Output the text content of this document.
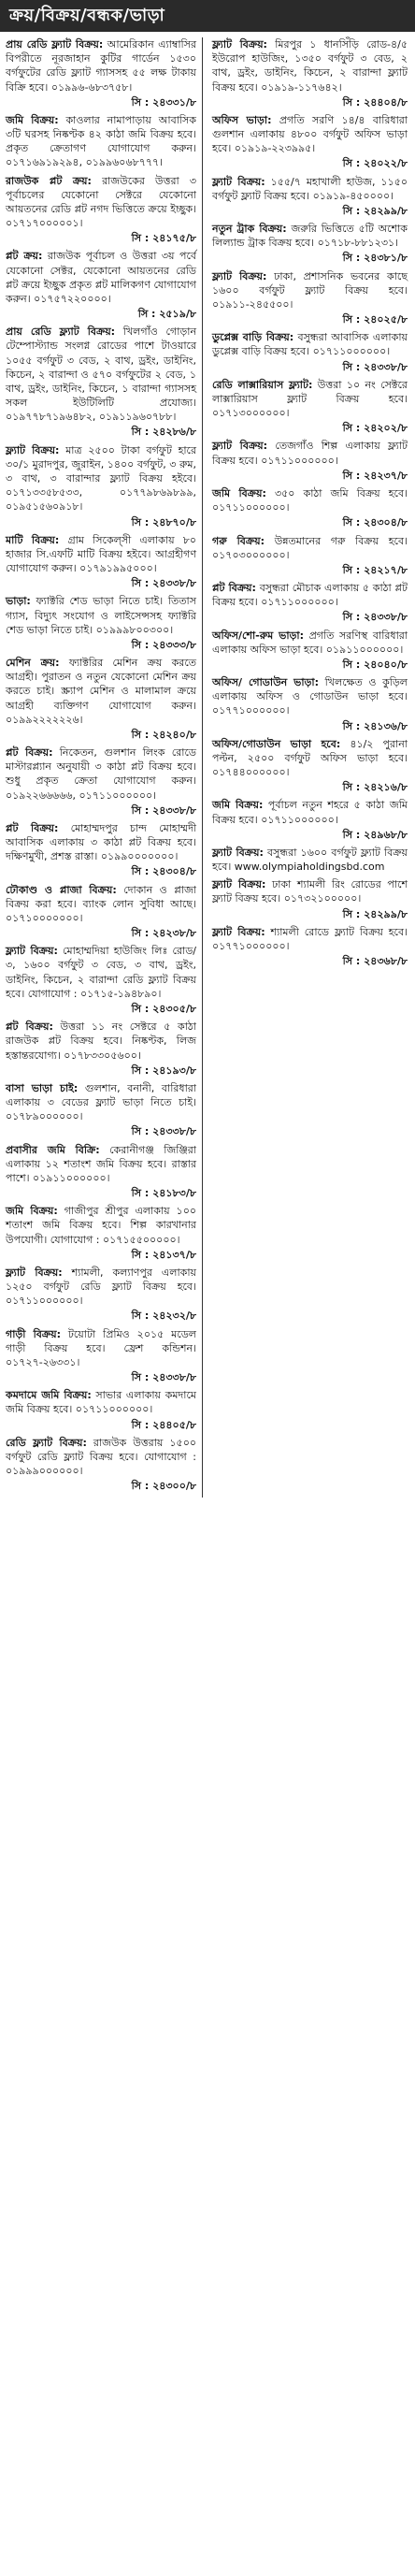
ক্রয়/বিক্রয়/বন্ধক/ভাড়া

প্রায় রেডি ফ্ল্যাট বিক্রয়: আমেরিকান এ্যাম্বাসির বিপরীতে নূরজাহান কুটির গার্ডেন ১৫৩০ বর্গফুটের রেডি ফ্ল্যাট গ্যাসসহ ৫৫ লক্ষ টাকায় বিক্রি হবে। ০১৯৯৬-৬৮৩৭৫৮।
সি : ২৪৩৩১/৮

জমি বিক্রয়: কাওলার নামাপাড়ায় আবাসিক ৩টি ঘরসহ নিষ্কণ্টক ৪২ কাঠা জমি বিক্রয় হবে। প্রকৃত ক্রেতাগণ যোগাযোগ করুন। ০১৭১৬৯১৯২৯৪, ০১৯৯৬০৬৮৭৭৭।

রাজউক প্লট ক্রয়: রাজউকের উত্তরা ৩ পূর্বাচলের যেকোনো সেক্টরে যেকোনো আয়তনের রেডি প্লট নগদ ভিত্তিতে ক্রয়ে ইচ্ছুক। ০১৭১৭০০০০০১।
সি : ২৪১৭৫/৮

প্লট ক্রয়: রাজউক পূর্বাচল ও উত্তরা ৩য় পর্বে যেকোনো সেক্টর, যেকোনো আয়তনের রেডি প্লট ক্রয়ে ইচ্ছুক প্রকৃত প্লট মালিকগণ যোগাযোগ করুন। ০১৭৫৭২২০০০০।
সি : ২৫১৯/৮

প্রায় রেডি ফ্ল্যাট বিক্রয়: খিলগাঁও গোড়ান টেম্পোস্ট্যান্ড সংলগ্ন রোডের পাশে টাওয়ারে ১০৫৫ বর্গফুট ৩ বেড, ২ বাথ, ড্রইং, ডাইনিং, কিচেন, ২ বারান্দা ও ৫৭০ বর্গফুটের ২ বেড, ১ বাথ, ড্রইং, ডাইনিং, কিচেন, ১ বারান্দা গ্যাসসহ সকল ইউটিলিটি প্রযোজ্য। ০১৯৭৭৮৭১৯৬৪৮২, ০১৯১১৯৬০৭৮৮।
সি : ২৪২৮৬/৮

ফ্ল্যাট বিক্রয়: মাত্র ২৫০০ টাকা বর্গফুট হারে ৩০/১ মুরাদপুর, জুরাইন, ১৪০০ বর্গফুট, ৩ রুম, ৩ বাথ, ৩ বারান্দার ফ্ল্যাট বিক্রয় হইবে। ০১৭১৩৩৫৮৫৩৩, ০১৭৭৯৮৬৯৮৯৯, ০১৯৫১৫৬০৯১৮।
সি : ২৪৮৭০/৮

মাটি বিক্রয়: গ্রাম সিকেল্সী এলাকায় ৮০ হাজার সি.এফটি মাটি বিক্রয় হইবে। আগ্রহীগণ যোগাযোগ করুন। ০১৭৯১৯৯৫০০০।
সি : ২৪৩৩৮/৮

ভাড়া: ফ্যাক্টরি শেড ভাড়া নিতে চাই। তিতাস গ্যাস, বিদ্যুৎ সংযোগ ও লাইসেন্সসহ ফ্যাক্টরি শেড ভাড়া নিতে চাই। ০১৯৯৯৮০০৩০০।
সি : ২৪৩৩৩/৮

মেশিন ক্রয়: ফ্যাক্টরির মেশিন ক্রয় করতে আগ্রহী। পুরাতন ও নতুন যেকোনো মেশিন ক্রয় করতে চাই। স্ক্র্যাপ মেশিন ও মালামাল ক্রয়ে আগ্রহী ব্যক্তিগণ যোগাযোগ করুন। ০১৯৯২২২২২২৬।
সি : ২৪২৪০/৮

প্লট বিক্রয়: নিকেতন, গুলশান লিংক রোডে মাস্টারপ্ল্যান অনুযায়ী ৩ কাঠা প্লট বিক্রয় হবে। শুধু প্রকৃত ক্রেতা যোগাযোগ করুন। ০১৯২২৬৬৬৬৬, ০১৭১১০০০০০০।
সি : ২৪৩৩৮/৮

প্লট বিক্রয়: মোহাম্মদপুর চান্দ মোহাম্মদী আবাসিক এলাকায় ৩ কাঠা প্লট বিক্রয় হবে। দক্ষিণমুখী, প্রশস্ত রাস্তা। ০১৯৯০০০০০০০।
সি : ২৪৩০৪/৮

ঢৌকাণ্ড ও প্লাজা বিক্রয়: দোকান ও প্লাজা বিক্রয় করা হবে। ব্যাংক লোন সুবিধা আছে। ০১৭১০০০০০০০।
সি : ২৪২৩৮/৮

ফ্ল্যাট বিক্রয়: মোহাম্মদিয়া হাউজিং লিঃ রোড/৩, ১৬০০ বর্গফুট ৩ বেড, ৩ বাথ, ড্রইং, ডাইনিং, কিচেন, ২ বারান্দা রেডি ফ্ল্যাট বিক্রয় হবে। যোগাযোগ : ০১৭১৫-১৯৪৮৯০।
সি : ২৪৩০৫/৮

প্লট বিক্রয়: উত্তরা ১১ নং সেক্টরে ৫ কাঠা রাজউক প্লট বিক্রয় হবে। নিষ্কণ্টক, লিজ হস্তান্তরযোগ্য। ০১৭৮৩৩০৫৬০০।
সি : ২৪১৯৩/৮

বাসা ভাড়া চাই: গুলশান, বনানী, বারিধারা এলাকায় ৩ বেডের ফ্ল্যাট ভাড়া নিতে চাই। ০১৭৮৯০০০০০০।
সি : ২৪৩৩৮/৮

প্রবাসীর জমি বিক্রি: কেরানীগঞ্জ জিঞ্জিরা এলাকায় ১২ শতাংশ জমি বিক্রয় হবে। রাস্তার পাশে। ০১৯১১০০০০০০।
সি : ২৪১৮৩/৮

জমি বিক্রয়: গাজীপুর শ্রীপুর এলাকায় ১০০ শতাংশ জমি বিক্রয় হবে। শিল্প কারখানার উপযোগী। যোগাযোগ : ০১৭১৫৫০০০০০।
সি : ২৪১৩৭/৮

ফ্ল্যাট বিক্রয়: শ্যামলী, কল্যাণপুর এলাকায় ১২৫০ বর্গফুট রেডি ফ্ল্যাট বিক্রয় হবে। ০১৭১১০০০০০০।
সি : ২৪২৩২/৮

গাড়ী বিক্রয়: টয়োটা প্রিমিও ২০১৫ মডেল গাড়ী বিক্রয় হবে। ফ্রেশ কন্ডিশন। ০১৭২৭-২৬৩৩১।
সি : ২৪৩৩৮/৮

কমদামে জমি বিক্রয়: সাভার এলাকায় কমদামে জমি বিক্রয় হবে। ০১৭১১০০০০০০।
সি : ২৪৪০৫/৮

রেডি ফ্ল্যাট বিক্রয়: রাজউক উত্তরায় ১৫০০ বর্গফুট রেডি ফ্ল্যাট বিক্রয় হবে। যোগাযোগ : ০১৯৯৯০০০০০০।
সি : ২৪৩০০/৮

ফ্ল্যাট বিক্রয়: মিরপুর ১ ধানসিঁড়ি রোড-৪/৫ ইউরোপ হাউজিং, ১৩৫০ বর্গফুট ৩ বেড, ২ বাথ, ড্রইং, ডাইনিং, কিচেন, ২ বারান্দা ফ্ল্যাট বিক্রয় হবে। ০১৯১৯-১১৭৬৪২।
সি : ২৪৪০৪/৮

অফিস ভাড়া: প্রগতি সরণি ১৪/৪ বারিধারা গুলশান এলাকায় ৪৮০০ বর্গফুট অফিস ভাড়া হবে। ০১৯১৯-২২৩৯৯৫।
সি : ২৪০২২/৮

ফ্ল্যাট বিক্রয়: ১৫৫/৭ মহাখালী হাউজ, ১১৫০ বর্গফুট ফ্ল্যাট বিক্রয় হবে। ০১৯১৯-৪৫০০০০।
সি : ২৪২৯৯/৮

নতুন ট্রাক বিক্রয়: জরুরি ভিত্তিতে ৫টি অশোক লিল্যান্ড ট্রাক বিক্রয় হবে। ০১৭১৮-৮৮১২৩১।
সি : ২৪৩৮১/৮

ফ্ল্যাট বিক্রয়: ঢাকা, প্রশাসনিক ভবনের কাছে ১৬০০ বর্গফুট ফ্ল্যাট বিক্রয় হবে। ০১৯১১-২৪৫৫০০।
সি : ২৪০২৫/৮

ডুপ্লেক্স বাড়ি বিক্রয়: বসুন্ধরা আবাসিক এলাকায় ডুপ্লেক্স বাড়ি বিক্রয় হবে। ০১৭১১০০০০০০।
সি : ২৪৩৩৮/৮

রেডি লাক্সারিয়াস ফ্ল্যাট: উত্তরা ১০ নং সেক্টরে লাক্সারিয়াস ফ্ল্যাট বিক্রয় হবে। ০১৭১৩০০০০০০।
সি : ২৪২০২/৮

ফ্ল্যাট বিক্রয়: তেজগাঁও শিল্প এলাকায় ফ্ল্যাট বিক্রয় হবে। ০১৭১১০০০০০০।
সি : ২৪২৩৭/৮

জমি বিক্রয়: ৩৫০ কাঠা জমি বিক্রয় হবে। ০১৭১১০০০০০০।
সি : ২৪৩০৪/৮

গরু বিক্রয়: উন্নতমানের গরু বিক্রয় হবে। ০১৭০৩০০০০০০।
সি : ২৪২১৭/৮

প্লট বিক্রয়: বসুন্ধরা মৌচাক এলাকায় ৫ কাঠা প্লট বিক্রয় হবে। ০১৭১১০০০০০০।
সি : ২৪৩৩৮/৮

অফিস/শো-রুম ভাড়া: প্রগতি সরণিস্থ বারিধারা এলাকায় অফিস ভাড়া হবে। ০১৯১১০০০০০০।
সি : ২৪০৪০/৮

অফিস/ গোডাউন ভাড়া: খিলক্ষেত ও কুড়িল এলাকায় অফিস ও গোডাউন ভাড়া হবে। ০১৭৭১০০০০০০।
সি : ২৪১৩৬/৮

অফিস/গোডাউন ভাড়া হবে: ৪১/২ পুরানা পল্টন, ২৫০০ বর্গফুট অফিস ভাড়া হবে। ০১৭৪৪০০০০০০।
সি : ২৪২১৬/৮

জমি বিক্রয়: পূর্বাচল নতুন শহরে ৫ কাঠা জমি বিক্রয় হবে। ০১৭১১০০০০০০।
সি : ২৪৯৬৮/৮

ফ্ল্যাট বিক্রয়: বসুন্ধরা ১৬০০ বর্গফুট ফ্ল্যাট বিক্রয় হবে। www.olympiaholdingsbd.com

ফ্ল্যাট বিক্রয়: ঢাকা শ্যামলী রিং রোডের পাশে ফ্ল্যাট বিক্রয় হবে। ০১৭৩২১০০০০০।
সি : ২৪২৯৯/৮

ফ্ল্যাট বিক্রয়: শ্যামলী রোডে ফ্ল্যাট বিক্রয় হবে। ০১৭৭১০০০০০০।
সি : ২৪৩৬৮/৮
